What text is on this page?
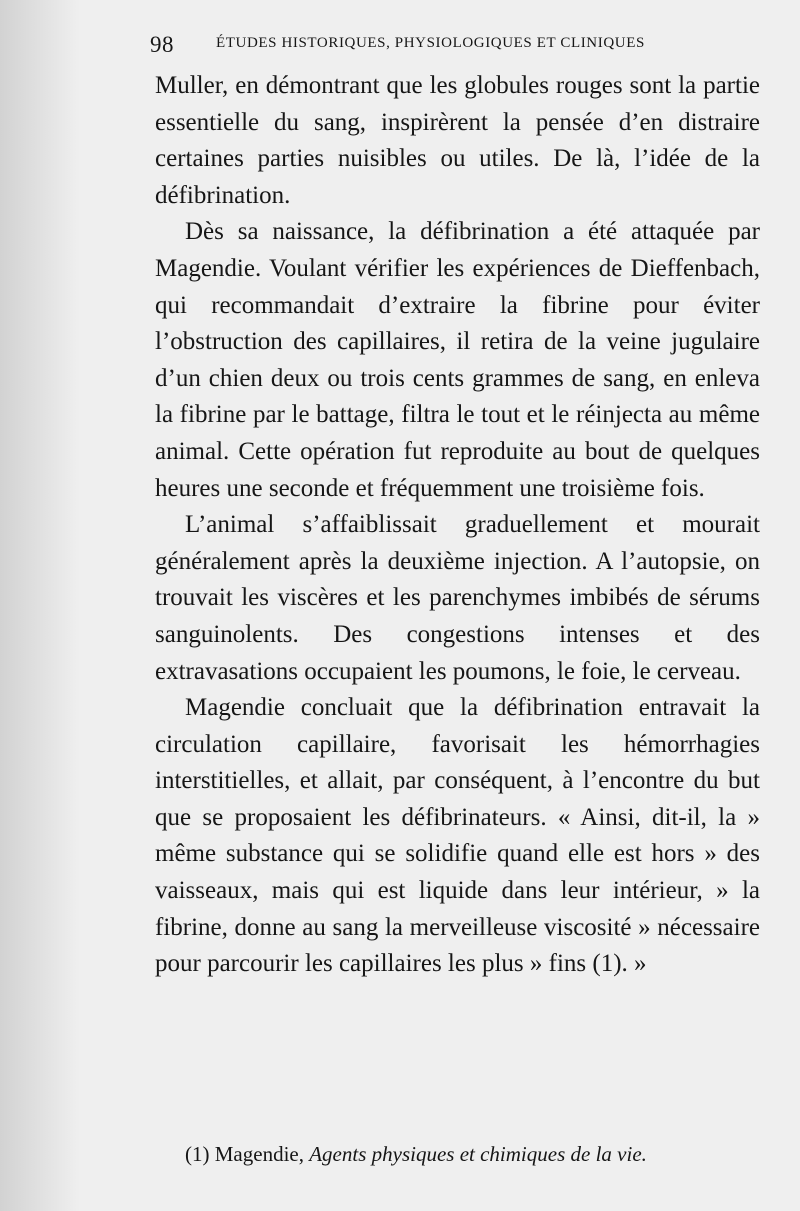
98	ÉTUDES HISTORIQUES, PHYSIOLOGIQUES ET CLINIQUES

Muller, en démontrant que les globules rouges sont la partie essentielle du sang, inspirèrent la pensée d’en distraire certaines parties nuisibles ou utiles. De là, l’idée de la défibrination.

Dès sa naissance, la défibrination a été attaquée par Magendie. Voulant vérifier les expériences de Dieffenbach, qui recommandait d’extraire la fibrine pour éviter l’obstruction des capillaires, il retira de la veine jugulaire d’un chien deux ou trois cents grammes de sang, en enleva la fibrine par le battage, filtra le tout et le réinjecta au même animal. Cette opération fut reproduite au bout de quelques heures une seconde et fréquemment une troisième fois.

L’animal s’affaiblissait graduellement et mourait généralement après la deuxième injection. A l’autopsie, on trouvait les viscères et les parenchymes imbibés de sérums sanguinolents. Des congestions intenses et des extravasations occupaient les poumons, le foie, le cerveau.

Magendie concluait que la défibrination entravait la circulation capillaire, favorisait les hémorrhagies interstitielles, et allait, par conséquent, à l’encontre du but que se proposaient les défibrinateurs. « Ainsi, dit-il, la » même substance qui se solidifie quand elle est hors » des vaisseaux, mais qui est liquide dans leur intérieur, » la fibrine, donne au sang la merveilleuse viscosité » nécessaire pour parcourir les capillaires les plus » fins (1). »

(1) Magendie, Agents physiques et chimiques de la vie.
